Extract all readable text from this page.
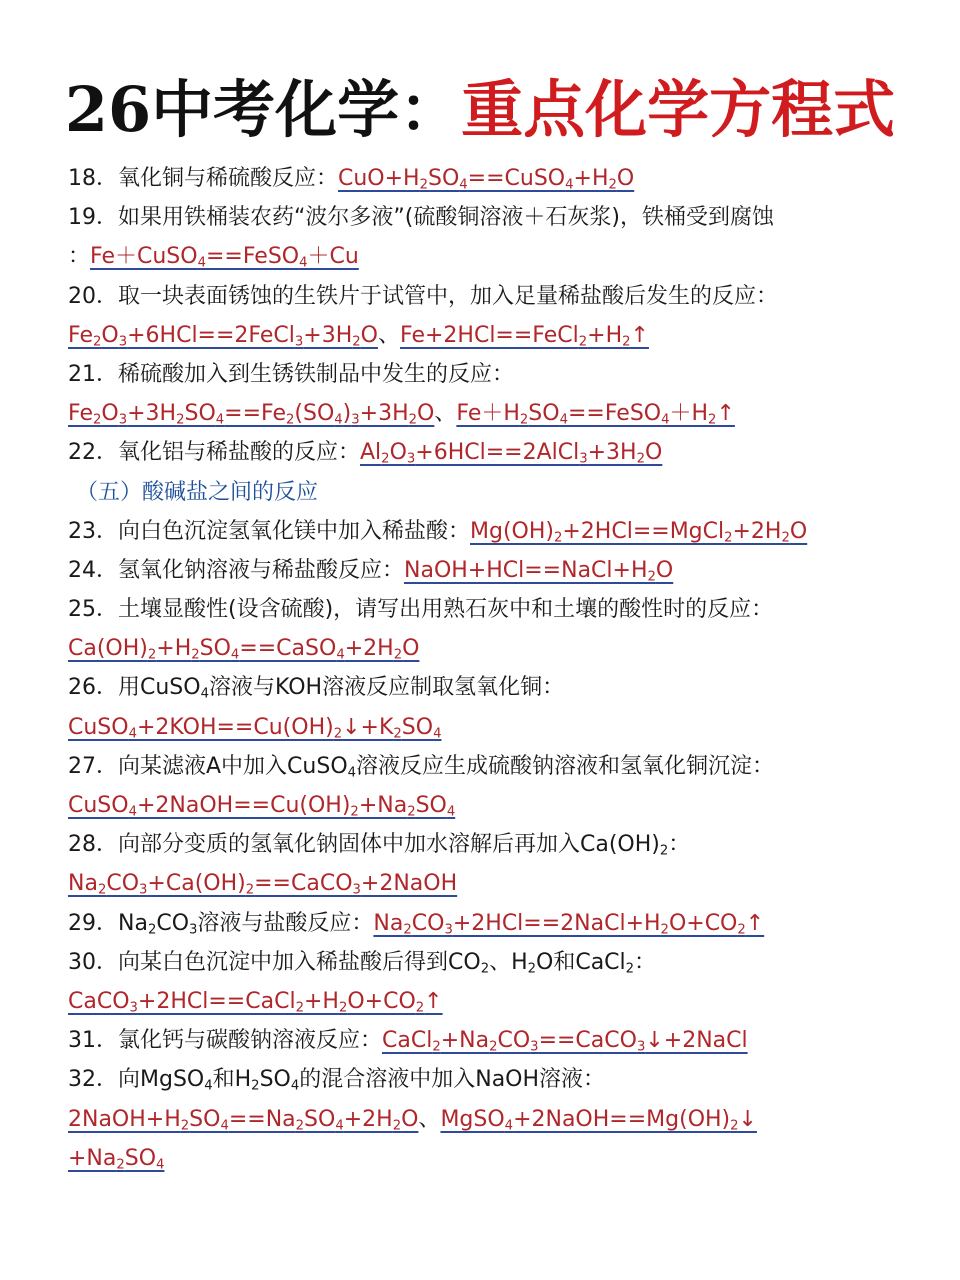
26中考化学：重点化学方程式
18．氧化铜与稀硫酸反应：$CuO+H_2SO_4==CuSO_4+H_2O$
19．如果用铁桶装农药“波尔多液”(硫酸铜溶液＋石灰浆)，铁桶受到腐蚀
：Fe＋CuSO$_4$==FeSO$_4$＋Cu
20．取一块表面锈蚀的生铁片于试管中，加入足量稀盐酸后发生的反应：
$Fe_2O_3+6HCl==2FeCl_3+3H_2O$、$Fe+2HCl==FeCl_2+H_2↑$
21．稀硫酸加入到生锈铁制品中发生的反应：
$Fe_2O_3+3H_2SO_4==Fe_2(SO_4)_3+3H_2O$、$Fe+H_2SO_4==FeSO_4+H_2↑$
22．氧化铝与稀盐酸的反应：$Al_2O_3+6HCl==2AlCl_3+3H_2O$
（五）酸碱盐之间的反应
23．向白色沉淀氢氧化镁中加入稀盐酸：$Mg(OH)_2+2HCl==MgCl_2+2H_2O$
24．氢氧化钠溶液与稀盐酸反应：$NaOH+HCl==NaCl+H_2O$
25．土壤显酸性(设含硫酸)，请写出用熟石灰中和土壤的酸性时的反应：
$Ca(OH)_2+H_2SO_4==CaSO_4+2H_2O$
26．用CuSO$_4$溶液与KOH溶液反应制取氢氧化铜：
$CuSO_4+2KOH==Cu(OH)_2↓+K_2SO_4$
27．向某滤液A中加入CuSO$_4$溶液反应生成硫酸钠溶液和氢氧化铜沉淀：
$CuSO_4+2NaOH==Cu(OH)_2+Na_2SO_4$
28．向部分变质的氢氧化钠固体中加水溶解后再加入$Ca(OH)_2$：
$Na_2CO_3+Ca(OH)_2==CaCO_3+2NaOH$
29．$Na_2CO_3$溶液与盐酸反应：$Na_2CO_3+2HCl==2NaCl+H_2O+CO_2↑$
30．向某白色沉淀中加入稀盐酸后得到$CO_2$、$H_2O$和CaCl$_2$：
$CaCO_3+2HCl==CaCl_2+H_2O+CO_2↑$
31．氯化钙与碳酸钠溶液反应：$CaCl_2+Na_2CO_3==CaCO_3↓+2NaCl$
32．向MgSO$_4$和$H_2SO_4$的混合溶液中加入NaOH溶液：
$2NaOH+H_2SO_4==Na_2SO_4+2H_2O$、$MgSO_4+2NaOH==Mg(OH)_2↓$
$+Na_2SO_4$
